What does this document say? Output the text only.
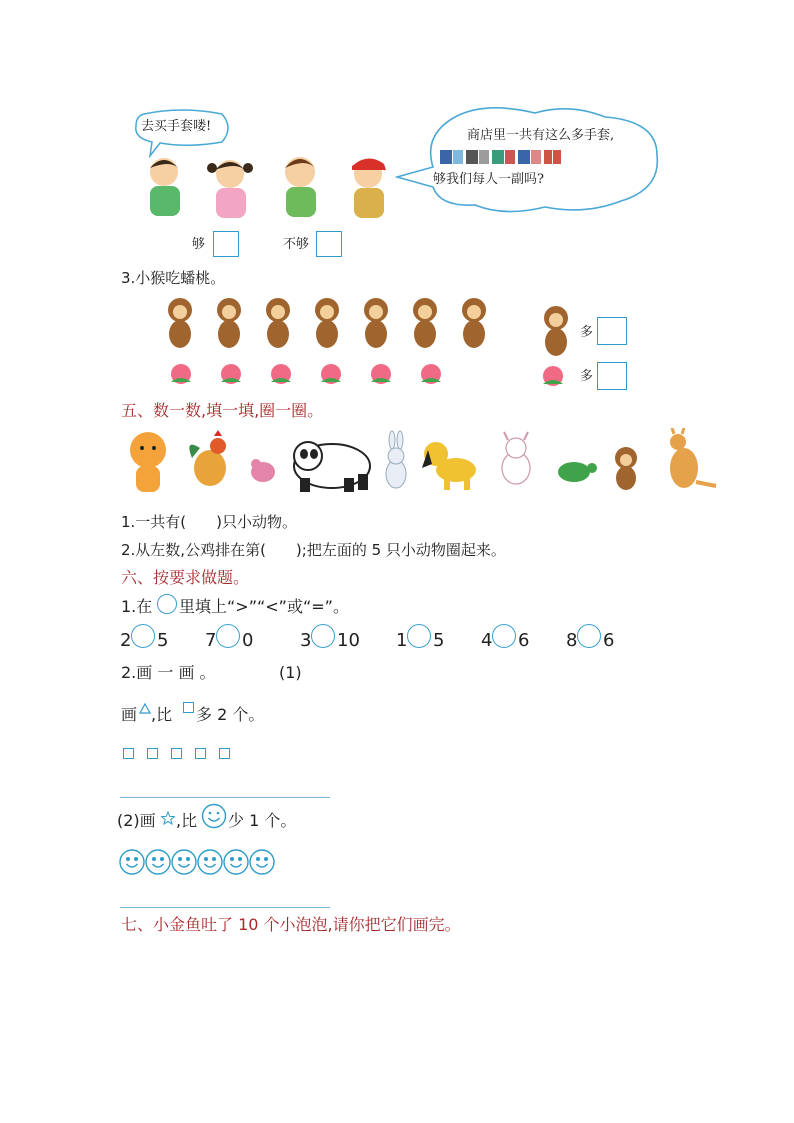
去买手套喽!
商店里一共有这么多手套,
够我们每人一副吗?
够	不够
3.小猴吃蟠桃。
多
多
五、数一数,填一填,圈一圈。
1.一共有(　　)只小动物。
2.从左数,公鸡排在第(　　);把左面的 5 只小动物圈起来。
六、按要求做题。
1.在 里填上“>”“<”或“=”。
2 5 7 0	3 10 1 5 4 6 8 6
2.画 一 画 。	(1)
画 ,比 多 2 个。
(2)画 ,比 少 1 个。
七、小金鱼吐了 10 个小泡泡,请你把它们画完。
